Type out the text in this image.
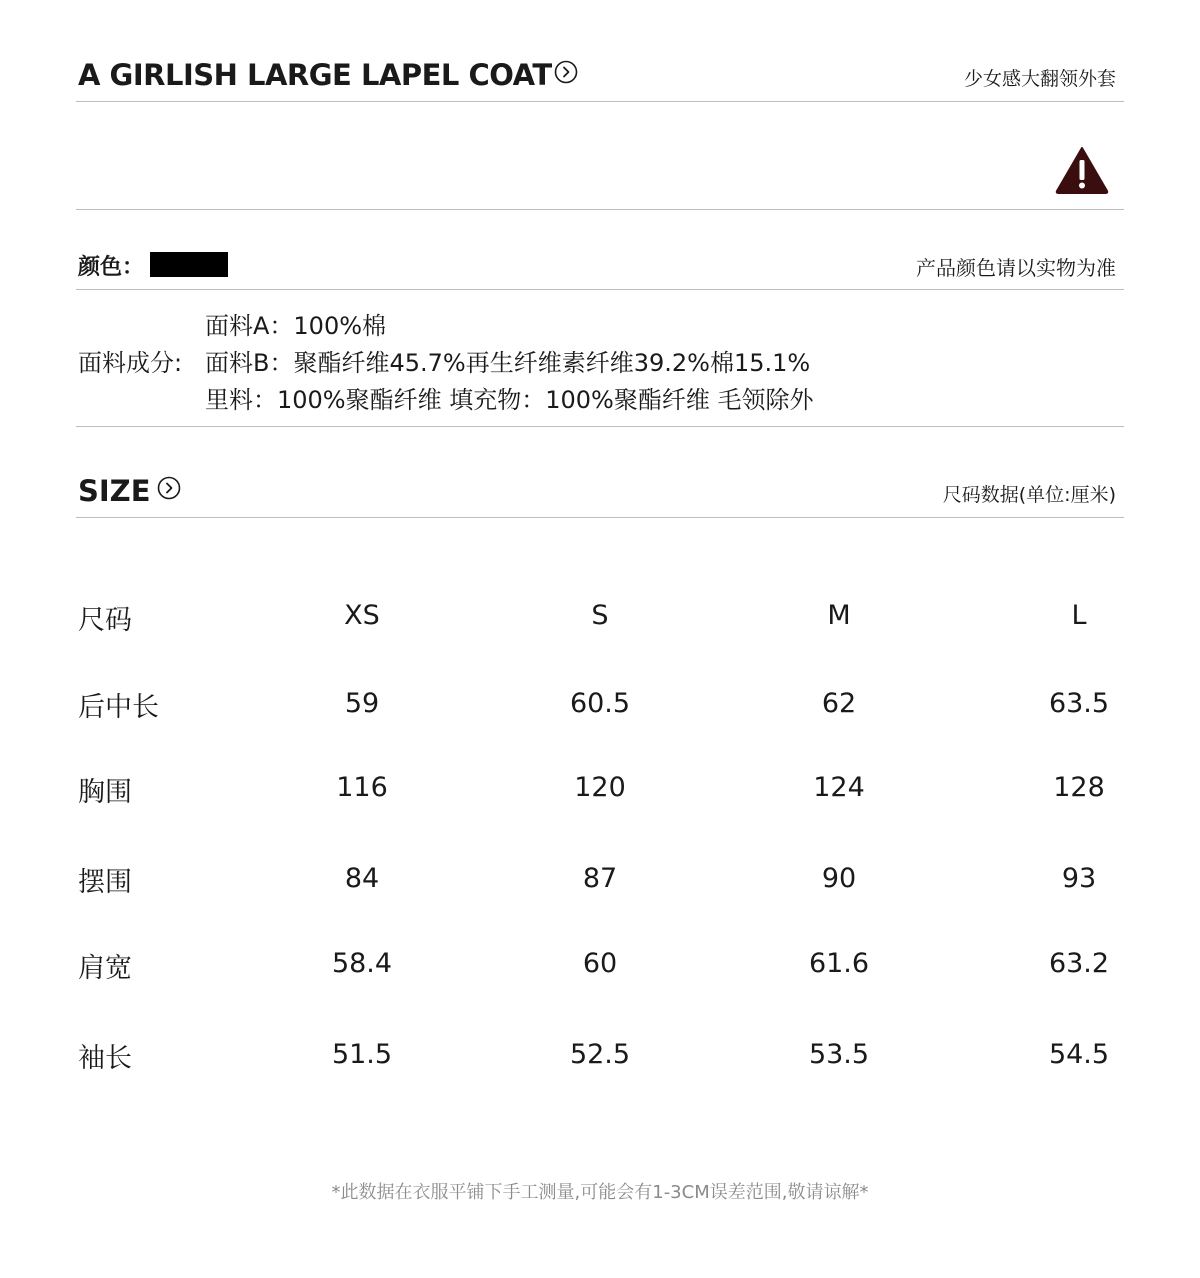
A GIRLISH LARGE LAPEL COAT	少女感大翻领外套
颜色：	产品颜色请以实物为准
面料成分:
面料A：100%棉
面料B：聚酯纤维45.7%再生纤维素纤维39.2%棉15.1%
里料：100%聚酯纤维 填充物：100%聚酯纤维 毛领除外
SIZE	尺码数据(单位:厘米)
尺码	XS	S	M	L
后中长	59	60.5	62	63.5
胸围	116	120	124	128
摆围	84	87	90	93
肩宽	58.4	60	61.6	63.2
袖长	51.5	52.5	53.5	54.5
*此数据在衣服平铺下手工测量,可能会有1-3CM误差范围,敬请谅解*
